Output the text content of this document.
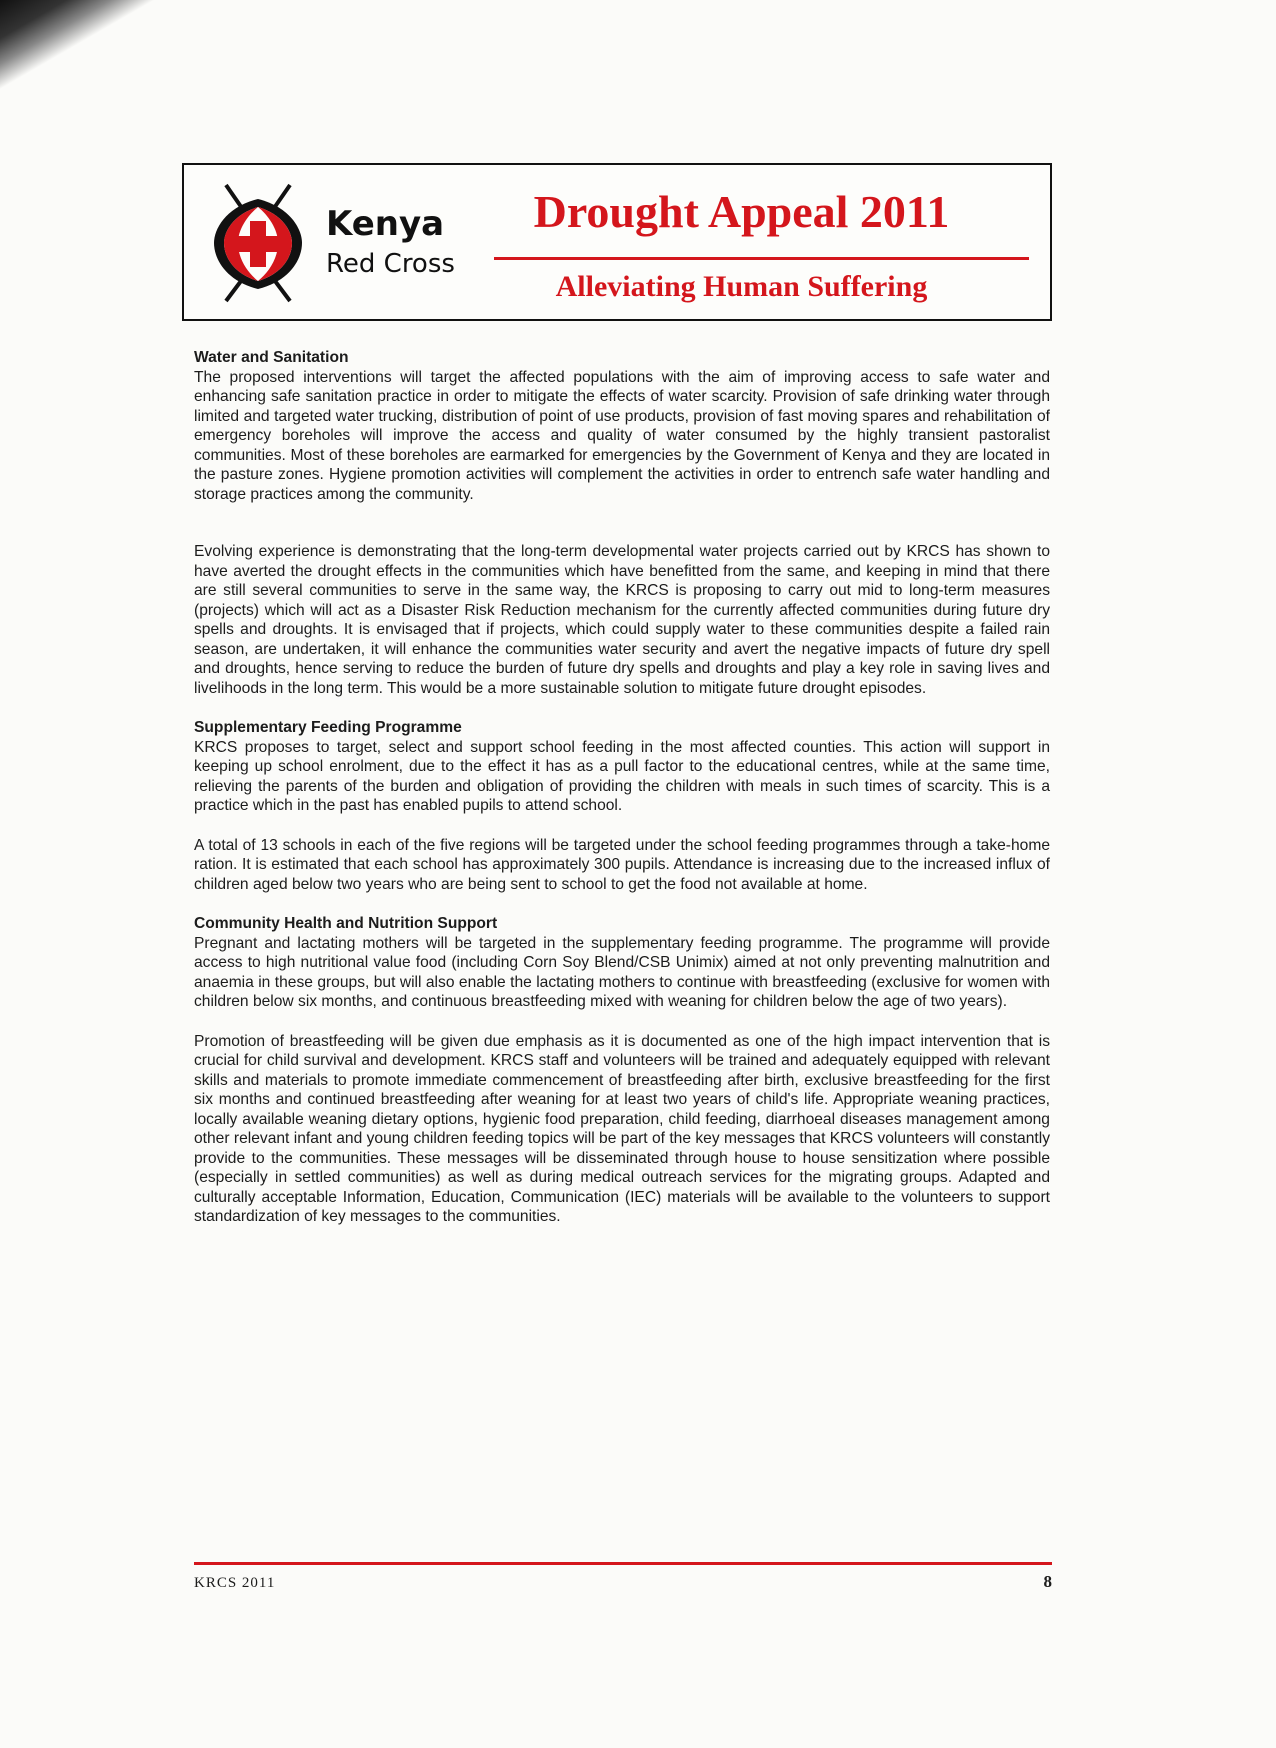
Kenya
Red Cross
Drought Appeal 2011
Alleviating Human Suffering
Water and Sanitation

The proposed interventions will target the affected populations with the aim of improving access to safe water and enhancing safe sanitation practice in order to mitigate the effects of water scarcity. Provision of safe drinking water through limited and targeted water trucking, distribution of point of use products, provision of fast moving spares and rehabilitation of emergency boreholes will improve the access and quality of water consumed by the highly transient pastoralist communities. Most of these boreholes are earmarked for emergencies by the Government of Kenya and they are located in the pasture zones. Hygiene promotion activities will complement the activities in order to entrench safe water handling and storage practices among the community.

Evolving experience is demonstrating that the long-term developmental water projects carried out by KRCS has shown to have averted the drought effects in the communities which have benefitted from the same, and keeping in mind that there are still several communities to serve in the same way, the KRCS is proposing to carry out mid to long-term measures (projects) which will act as a Disaster Risk Reduction mechanism for the currently affected communities during future dry spells and droughts. It is envisaged that if projects, which could supply water to these communities despite a failed rain season, are undertaken, it will enhance the communities water security and avert the negative impacts of future dry spell and droughts, hence serving to reduce the burden of future dry spells and droughts and play a key role in saving lives and livelihoods in the long term. This would be a more sustainable solution to mitigate future drought episodes.

Supplementary Feeding Programme

KRCS proposes to target, select and support school feeding in the most affected counties. This action will support in keeping up school enrolment, due to the effect it has as a pull factor to the educational centres, while at the same time, relieving the parents of the burden and obligation of providing the children with meals in such times of scarcity. This is a practice which in the past has enabled pupils to attend school.

A total of 13 schools in each of the five regions will be targeted under the school feeding programmes through a take-home ration. It is estimated that each school has approximately 300 pupils. Attendance is increasing due to the increased influx of children aged below two years who are being sent to school to get the food not available at home.

Community Health and Nutrition Support

Pregnant and lactating mothers will be targeted in the supplementary feeding programme. The programme will provide access to high nutritional value food (including Corn Soy Blend/CSB Unimix) aimed at not only preventing malnutrition and anaemia in these groups, but will also enable the lactating mothers to continue with breastfeeding (exclusive for women with children below six months, and continuous breastfeeding mixed with weaning for children below the age of two years).

Promotion of breastfeeding will be given due emphasis as it is documented as one of the high impact intervention that is crucial for child survival and development. KRCS staff and volunteers will be trained and adequately equipped with relevant skills and materials to promote immediate commencement of breastfeeding after birth, exclusive breastfeeding for the first six months and continued breastfeeding after weaning for at least two years of child's life. Appropriate weaning practices, locally available weaning dietary options, hygienic food preparation, child feeding, diarrhoeal diseases management among other relevant infant and young children feeding topics will be part of the key messages that KRCS volunteers will constantly provide to the communities. These messages will be disseminated through house to house sensitization where possible (especially in settled communities) as well as during medical outreach services for the migrating groups. Adapted and culturally acceptable Information, Education, Communication (IEC) materials will be available to the volunteers to support standardization of key messages to the communities.

KRCS 2011	8
